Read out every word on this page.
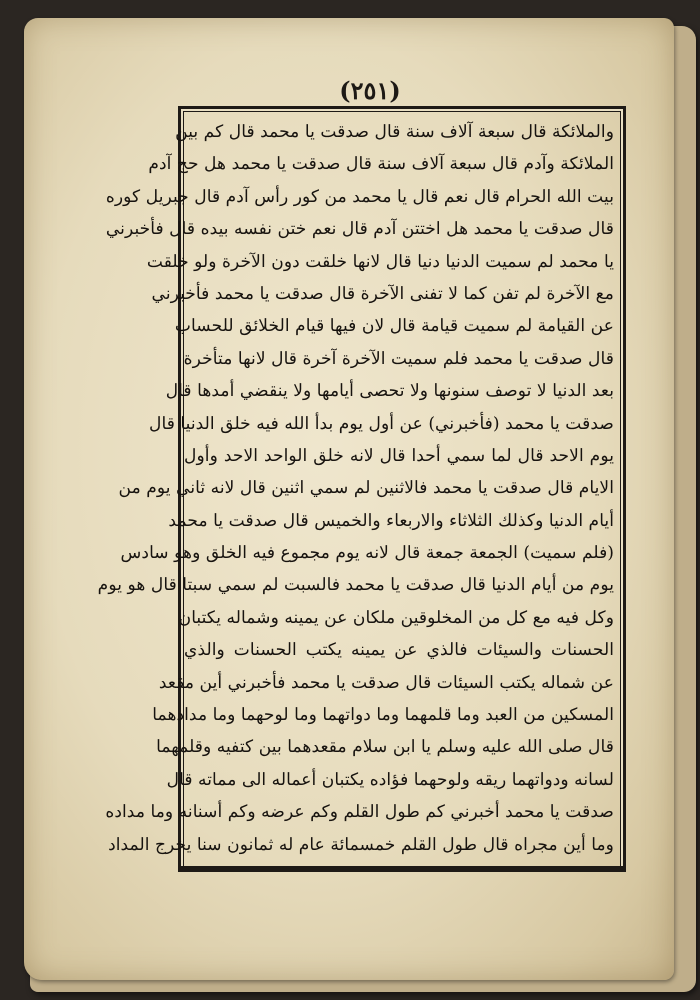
(٢٥١)
والملائكة قال سبعة آلاف سنة قال صدقت يا محمد قال كم بين
الملائكة وآدم قال سبعة آلاف سنة قال صدقت يا محمد هل حج آدم
بيت الله الحرام قال نعم قال يا محمد من كور رأس آدم قال جبريل كوره
قال صدقت يا محمد هل اختتن آدم قال نعم ختن نفسه بيده قال فأخبرني
يا محمد لم سميت الدنيا دنيا قال لانها خلقت دون الآخرة ولو خلقت
مع الآخرة لم تفن كما لا تفنى الآخرة قال صدقت يا محمد فأخبرني
عن القيامة لم سميت قيامة قال لان فيها قيام الخلائق للحساب
قال صدقت يا محمد فلم سميت الآخرة آخرة قال لانها متأخرة
بعد الدنيا لا توصف سنونها ولا تحصى أيامها ولا ينقضي أمدها قال
صدقت يا محمد (فأخبرني) عن أول يوم بدأ الله فيه خلق الدنيا قال
يوم الاحد قال لما سمي أحدا قال لانه خلق الواحد الاحد وأول
الايام قال صدقت يا محمد فالاثنين لم سمي اثنين قال لانه ثاني يوم من
أيام الدنيا وكذلك الثلاثاء والاربعاء والخميس قال صدقت يا محمد
(فلم سميت) الجمعة جمعة قال لانه يوم مجموع فيه الخلق وهو سادس
يوم من أيام الدنيا قال صدقت يا محمد فالسبت لم سمي سبتا قال هو يوم
وكل فيه مع كل من المخلوقين ملكان عن يمينه وشماله يكتبان
الحسنات والسيئات فالذي عن يمينه يكتب الحسنات والذي
عن شماله يكتب السيئات قال صدقت يا محمد فأخبرني أين مقعد
المسكين من العبد وما قلمهما وما دواتهما وما لوحهما وما مدادهما
قال صلى الله عليه وسلم يا ابن سلام مقعدهما بين كتفيه وقلمهما
لسانه ودواتهما ريقه ولوحهما فؤاده يكتبان أعماله الى مماته قال
صدقت يا محمد أخبرني كم طول القلم وكم عرضه وكم أسنانه وما مداده
وما أين مجراه قال طول القلم خمسمائة عام له ثمانون سنا يخرج المداد
